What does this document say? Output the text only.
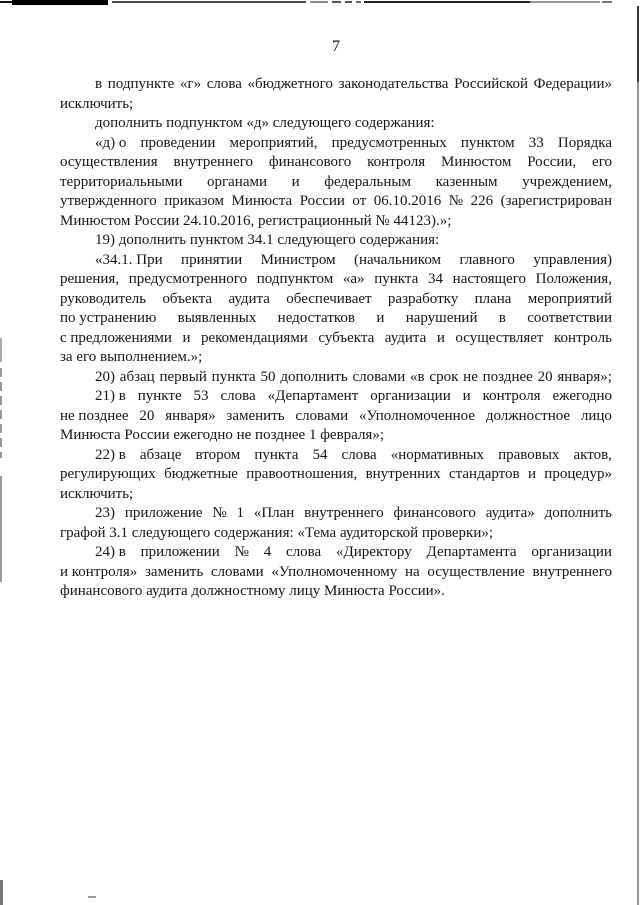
7
в подпункте «г» слова «бюджетного законодательства Российской Федерации»
исключить;
дополнить подпунктом «д» следующего содержания:
«д) о проведении мероприятий, предусмотренных пунктом 33 Порядка
осуществления внутреннего финансового контроля Минюстом России, его
территориальными органами и федеральным казенным учреждением,
утвержденного приказом Минюста России от 06.10.2016 № 226 (зарегистрирован
Минюстом России 24.10.2016, регистрационный № 44123).»;
19) дополнить пунктом 34.1 следующего содержания:
«34.1. При принятии Министром (начальником главного управления)
решения, предусмотренного подпунктом «а» пункта 34 настоящего Положения,
руководитель объекта аудита обеспечивает разработку плана мероприятий
по устранению выявленных недостатков и нарушений в соответствии
с предложениями и рекомендациями субъекта аудита и осуществляет контроль
за его выполнением.»;
20) абзац первый пункта 50 дополнить словами «в срок не позднее 20 января»;
21) в пункте 53 слова «Департамент организации и контроля ежегодно
не позднее 20 января» заменить словами «Уполномоченное должностное лицо
Минюста России ежегодно не позднее 1 февраля»;
22) в абзаце втором пункта 54 слова «нормативных правовых актов,
регулирующих бюджетные правоотношения, внутренних стандартов и процедур»
исключить;
23) приложение № 1 «План внутреннего финансового аудита» дополнить
графой 3.1 следующего содержания: «Тема аудиторской проверки»;
24) в приложении № 4 слова «Директору Департамента организации
и контроля» заменить словами «Уполномоченному на осуществление внутреннего
финансового аудита должностному лицу Минюста России».
